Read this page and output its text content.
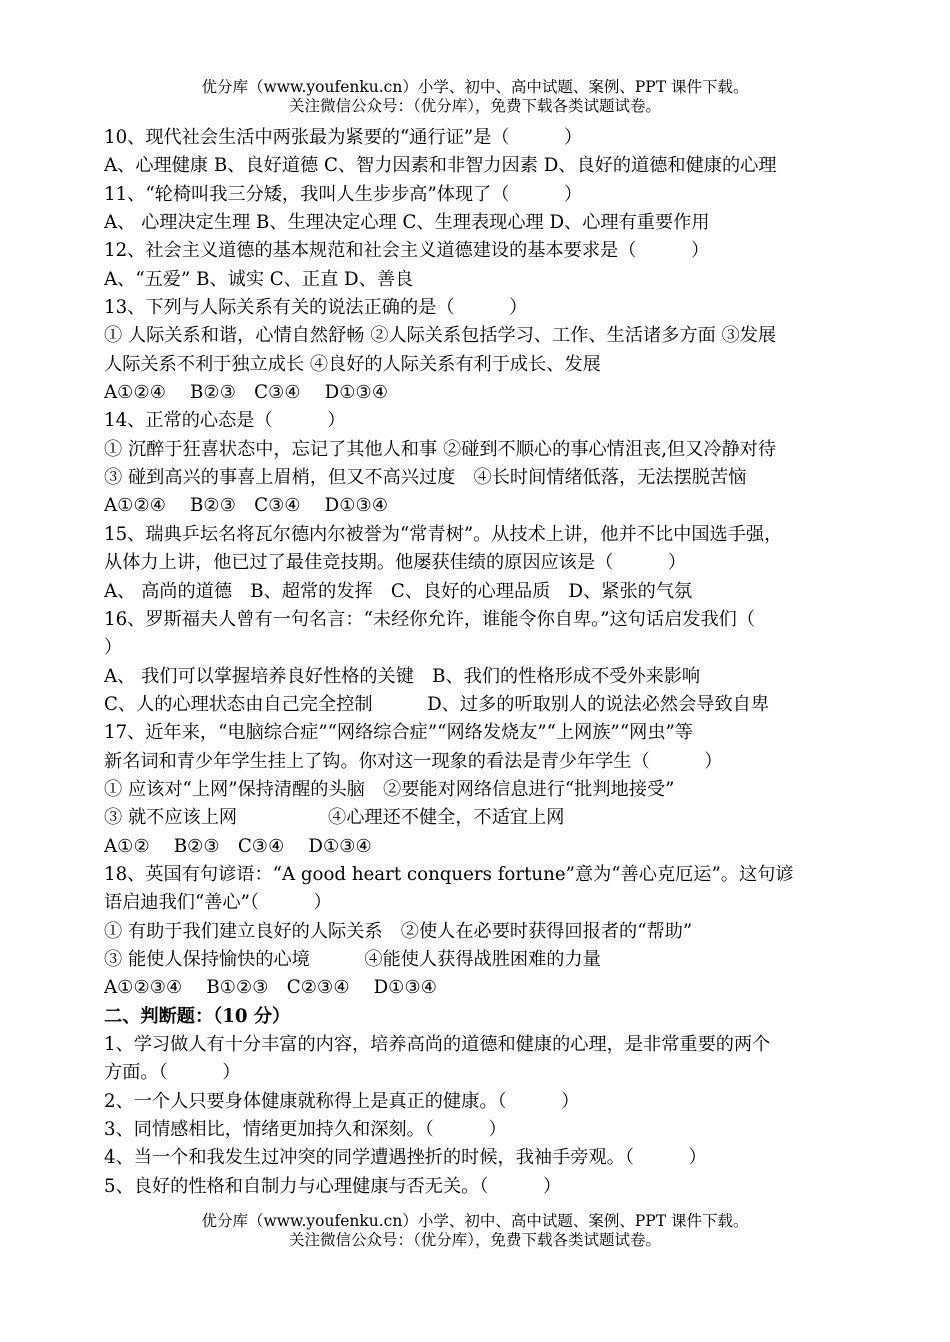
优分库（www.youfenku.cn）小学、初中、高中试题、案例、PPT 课件下载。
关注微信公众号：（优分库），免费下载各类试题试卷。
10、现代社会生活中两张最为紧要的“通行证”是（　　　）
A、心理健康 B、良好道德 C、智力因素和非智力因素 D、良好的道德和健康的心理
11、“轮椅叫我三分矮，我叫人生步步高”体现了（　　　）
A、 心理决定生理 B、生理决定心理 C、生理表现心理 D、心理有重要作用
12、社会主义道德的基本规范和社会主义道德建设的基本要求是（　　　）
A、“五爱” B、诚实 C、正直 D、善良
13、下列与人际关系有关的说法正确的是（　　　）
① 人际关系和谐，心情自然舒畅 ②人际关系包括学习、工作、生活诸多方面 ③发展
人际关系不利于独立成长 ④良好的人际关系有利于成长、发展
A①②④　 B②③　C③④　 D①③④
14、正常的心态是（　　　）
① 沉醉于狂喜状态中，忘记了其他人和事 ②碰到不顺心的事心情沮丧,但又冷静对待
③ 碰到高兴的事喜上眉梢，但又不高兴过度　④长时间情绪低落，无法摆脱苦恼
A①②④　 B②③　C③④　 D①③④
15、瑞典乒坛名将瓦尔德内尔被誉为“常青树”。从技术上讲，他并不比中国选手强，
从体力上讲，他已过了最佳竞技期。他屡获佳绩的原因应该是（　　　）
A、 高尚的道德　B、超常的发挥　C、良好的心理品质　D、紧张的气氛
16、罗斯福夫人曾有一句名言：“未经你允许，谁能令你自卑。”这句话启发我们（
）
A、 我们可以掌握培养良好性格的关键　B、我们的性格形成不受外来影响
C、人的心理状态由自己完全控制　　　D、过多的听取别人的说法必然会导致自卑
17、近年来，“电脑综合症”“网络综合症”“网络发烧友”“上网族”“网虫”等
新名词和青少年学生挂上了钩。你对这一现象的看法是青少年学生（　　　）
① 应该对“上网”保持清醒的头脑　②要能对网络信息进行“批判地接受”
③ 就不应该上网　　　　　④心理还不健全，不适宜上网
A①②　 B②③　C③④　 D①③④
18、英国有句谚语：“A good heart conquers fortune”意为“善心克厄运”。这句谚
语启迪我们“善心”（　　　）
① 有助于我们建立良好的人际关系　②使人在必要时获得回报者的“帮助”
③ 能使人保持愉快的心境　　　④能使人获得战胜困难的力量
A①②③④　 B①②③　C②③④　 D①③④
二、判断题：（10 分）
1、学习做人有十分丰富的内容，培养高尚的道德和健康的心理，是非常重要的两个
方面。（　　　）
2、一个人只要身体健康就称得上是真正的健康。（　　　）
3、同情感相比，情绪更加持久和深刻。（　　　）
4、当一个和我发生过冲突的同学遭遇挫折的时候，我袖手旁观。（　　　）
5、良好的性格和自制力与心理健康与否无关。（　　　）
优分库（www.youfenku.cn）小学、初中、高中试题、案例、PPT 课件下载。
关注微信公众号：（优分库），免费下载各类试题试卷。
